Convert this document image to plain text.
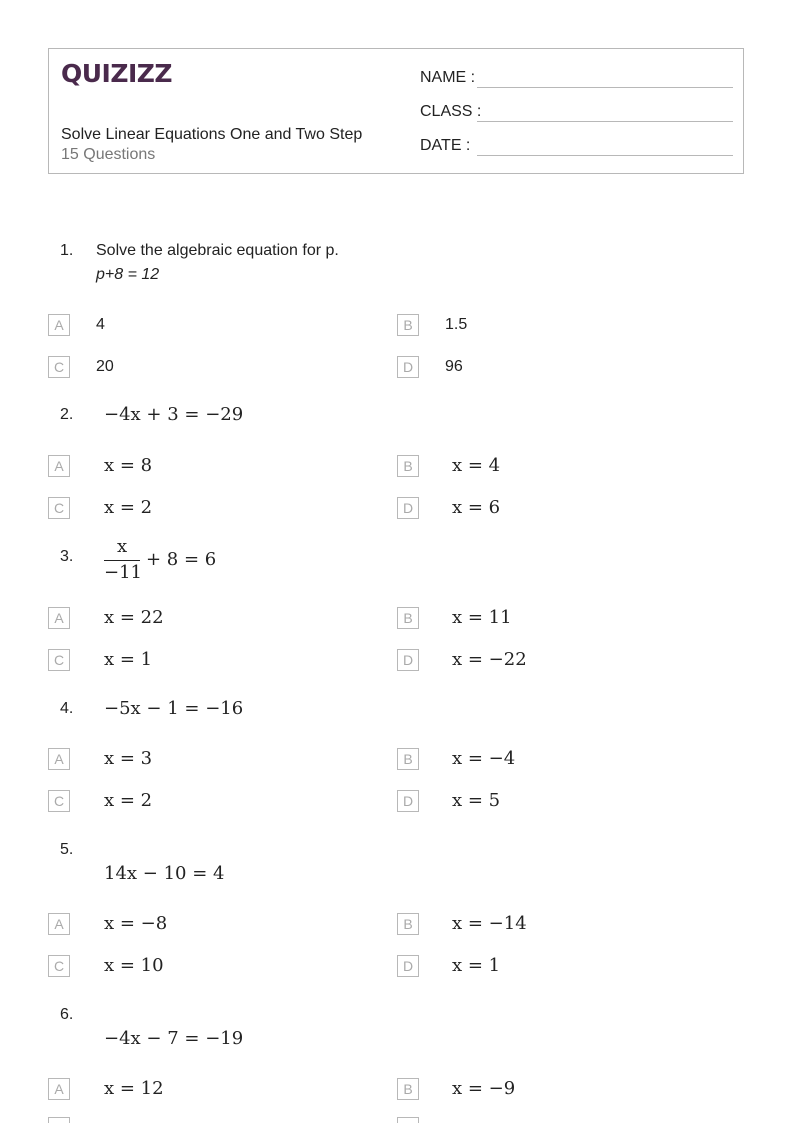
QUIZIZZ
Solve Linear Equations One and Two Step
15 Questions
NAME :
CLASS :
DATE :
1. Solve the algebraic equation for p.
p+8 = 12
A	4	B	1.5
C	20	D	96
2. −4x + 3 = −29
A	x = 8	B	x = 4
C	x = 2	D	x = 6
3. x
−11
+ 8 = 6
A	x = 22	B	x = 11
C	x = 1	D	x = −22
4. −5x − 1 = −16
A	x = 3	B	x = −4
C	x = 2	D	x = 5
5.
14x − 10 = 4
A	x = −8	B	x = −14
C	x = 10	D	x = 1
6.
−4x − 7 = −19
A	x = 12	B	x = −9
